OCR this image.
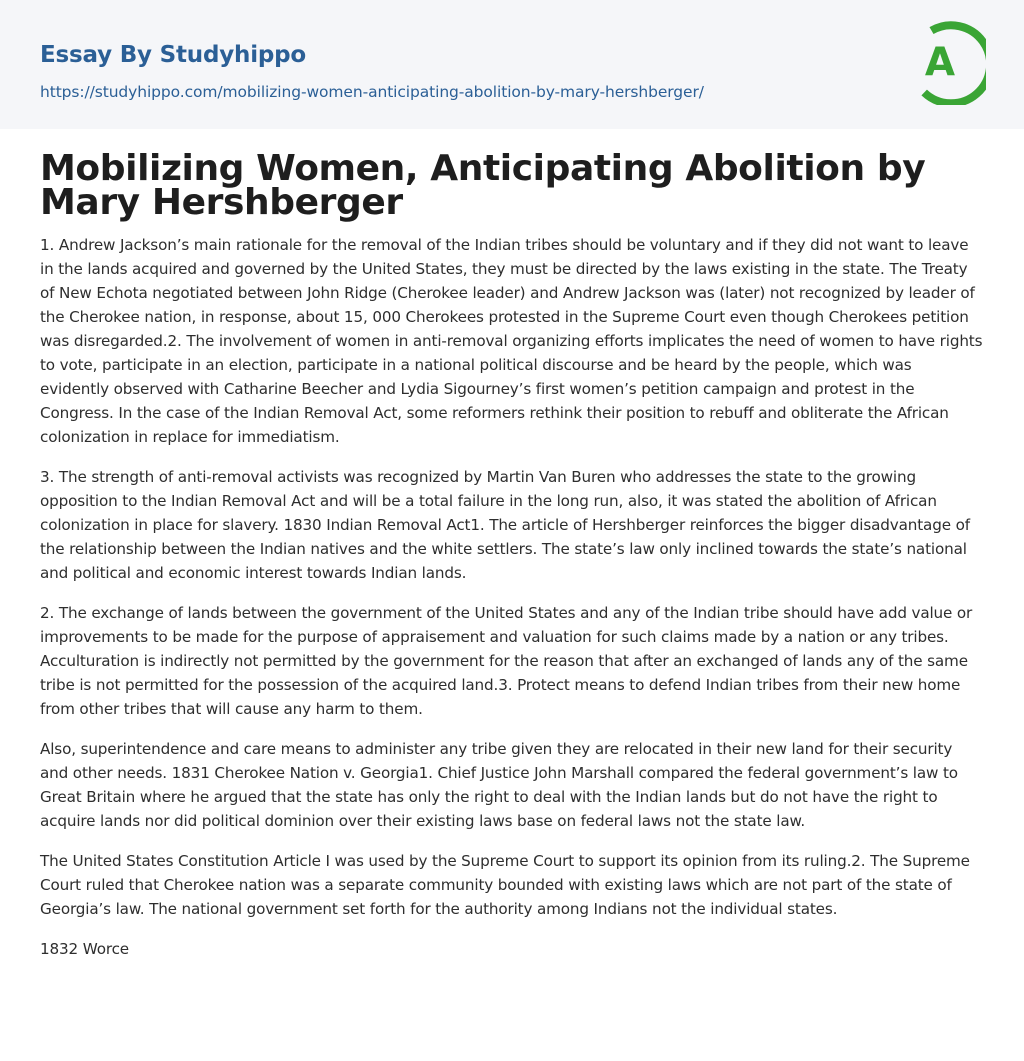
Essay By Studyhippo
https://studyhippo.com/mobilizing-women-anticipating-abolition-by-mary-hershberger/
A
Mobilizing Women, Anticipating Abolition by Mary Hershberger

1. Andrew Jackson’s main rationale for the removal of the Indian tribes should be voluntary and if they did not want to leave in the lands acquired and governed by the United States, they must be directed by the laws existing in the state. The Treaty of New Echota negotiated between John Ridge (Cherokee leader) and Andrew Jackson was (later) not recognized by leader of the Cherokee nation, in response, about 15, 000 Cherokees protested in the Supreme Court even though Cherokees petition was disregarded.2. The involvement of women in anti-removal organizing efforts implicates the need of women to have rights to vote, participate in an election, participate in a national political discourse and be heard by the people, which was evidently observed with Catharine Beecher and Lydia Sigourney’s first women’s petition campaign and protest in the Congress. In the case of the Indian Removal Act, some reformers rethink their position to rebuff and obliterate the African colonization in replace for immediatism.

3. The strength of anti-removal activists was recognized by Martin Van Buren who addresses the state to the growing opposition to the Indian Removal Act and will be a total failure in the long run, also, it was stated the abolition of African colonization in place for slavery. 1830 Indian Removal Act1. The article of Hershberger reinforces the bigger disadvantage of the relationship between the Indian natives and the white settlers. The state’s law only inclined towards the state’s national and political and economic interest towards Indian lands.

2. The exchange of lands between the government of the United States and any of the Indian tribe should have add value or improvements to be made for the purpose of appraisement and valuation for such claims made by a nation or any tribes. Acculturation is indirectly not permitted by the government for the reason that after an exchanged of lands any of the same tribe is not permitted for the possession of the acquired land.3. Protect means to defend Indian tribes from their new home from other tribes that will cause any harm to them.

Also, superintendence and care means to administer any tribe given they are relocated in their new land for their security and other needs. 1831 Cherokee Nation v. Georgia1. Chief Justice John Marshall compared the federal government’s law to Great Britain where he argued that the state has only the right to deal with the Indian lands but do not have the right to acquire lands nor did political dominion over their existing laws base on federal laws not the state law.

The United States Constitution Article I was used by the Supreme Court to support its opinion from its ruling.2. The Supreme Court ruled that Cherokee nation was a separate community bounded with existing laws which are not part of the state of Georgia’s law. The national government set forth for the authority among Indians not the individual states.

1832 Worce
